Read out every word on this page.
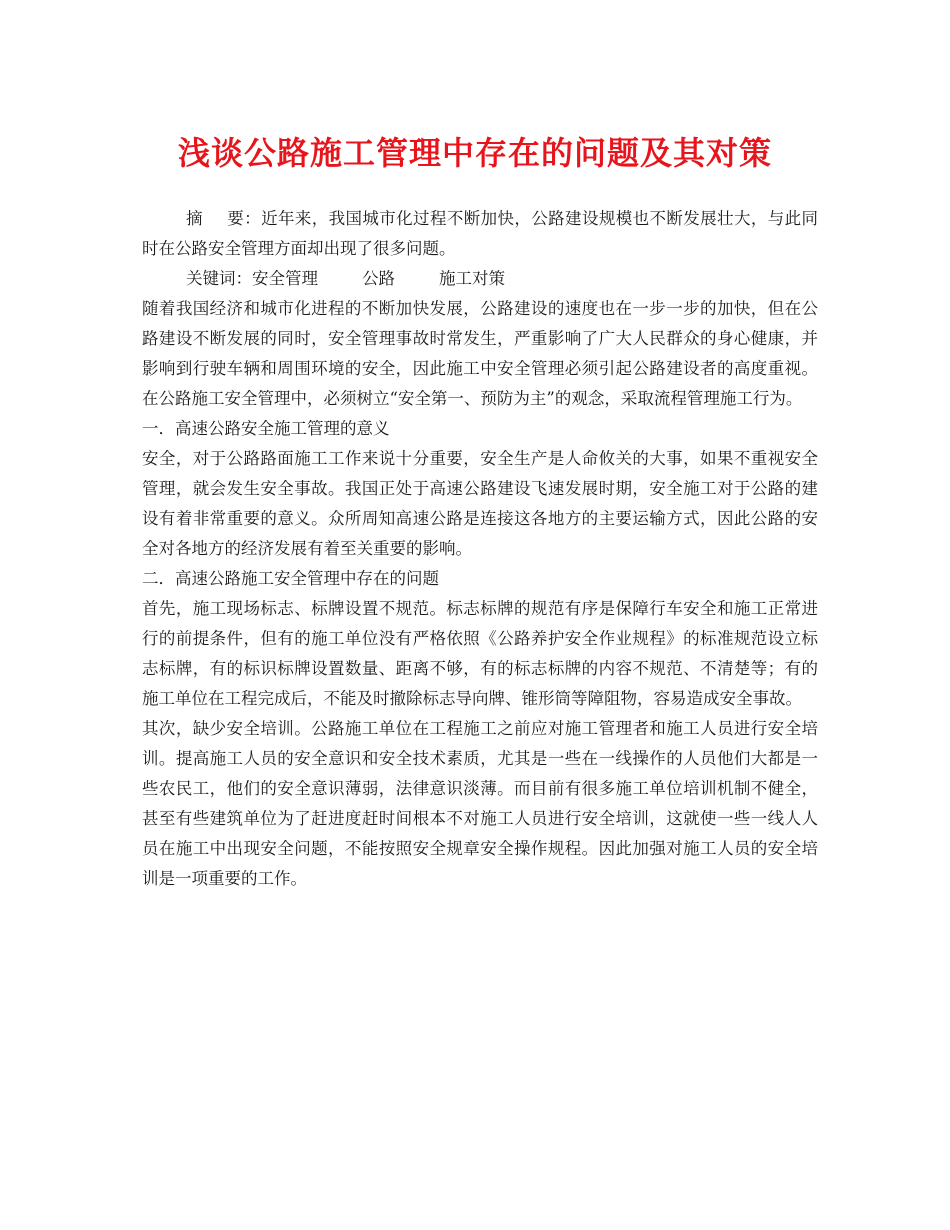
浅谈公路施工管理中存在的问题及其对策

摘 要：近年来，我国城市化过程不断加快，公路建设规模也不断发展壮大，与此同时在公路安全管理方面却出现了很多问题。

关键词：安全管理	公路	施工对策

随着我国经济和城市化进程的不断加快发展，公路建设的速度也在一步一步的加快，但在公路建设不断发展的同时，安全管理事故时常发生，严重影响了广大人民群众的身心健康，并影响到行驶车辆和周围环境的安全，因此施工中安全管理必须引起公路建设者的高度重视。在公路施工安全管理中，必须树立“安全第一、预防为主”的观念，采取流程管理施工行为。

一．高速公路安全施工管理的意义

安全，对于公路路面施工工作来说十分重要，安全生产是人命攸关的大事，如果不重视安全管理，就会发生安全事故。我国正处于高速公路建设飞速发展时期，安全施工对于公路的建设有着非常重要的意义。众所周知高速公路是连接这各地方的主要运输方式，因此公路的安全对各地方的经济发展有着至关重要的影响。

二．高速公路施工安全管理中存在的问题

首先，施工现场标志、标牌设置不规范。标志标牌的规范有序是保障行车安全和施工正常进行的前提条件，但有的施工单位没有严格依照《公路养护安全作业规程》的标准规范设立标志标牌，有的标识标牌设置数量、距离不够，有的标志标牌的内容不规范、不清楚等；有的施工单位在工程完成后，不能及时撤除标志导向牌、锥形筒等障阻物，容易造成安全事故。

其次，缺少安全培训。公路施工单位在工程施工之前应对施工管理者和施工人员进行安全培训。提高施工人员的安全意识和安全技术素质，尤其是一些在一线操作的人员他们大都是一些农民工，他们的安全意识薄弱，法律意识淡薄。而目前有很多施工单位培训机制不健全，甚至有些建筑单位为了赶进度赶时间根本不对施工人员进行安全培训，这就使一些一线人人员在施工中出现安全问题，不能按照安全规章安全操作规程。因此加强对施工人员的安全培训是一项重要的工作。
